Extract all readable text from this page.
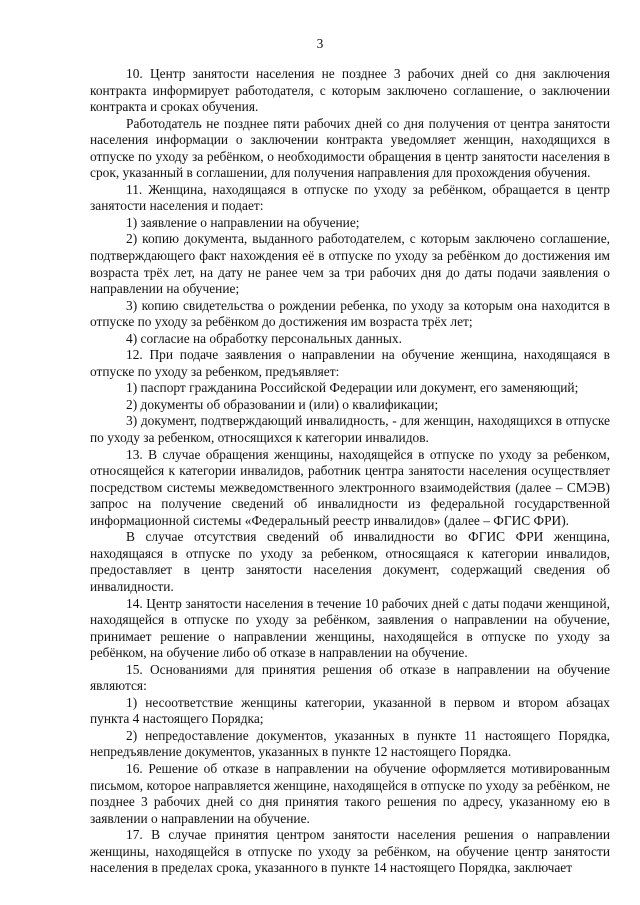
3

10. Центр занятости населения не позднее 3 рабочих дней со дня заключения контракта информирует работодателя, с которым заключено соглашение, о заключении контракта и сроках обучения.

Работодатель не позднее пяти рабочих дней со дня получения от центра занятости населения информации о заключении контракта уведомляет женщин, находящихся в отпуске по уходу за ребёнком, о необходимости обращения в центр занятости населения в срок, указанный в соглашении, для получения направления для прохождения обучения.

11. Женщина, находящаяся в отпуске по уходу за ребёнком, обращается в центр занятости населения и подает:

1) заявление о направлении на обучение;

2) копию документа, выданного работодателем, с которым заключено соглашение, подтверждающего факт нахождения её в отпуске по уходу за ребёнком до достижения им возраста трёх лет, на дату не ранее чем за три рабочих дня до даты подачи заявления о направлении на обучение;

3) копию свидетельства о рождении ребенка, по уходу за которым она находится в отпуске по уходу за ребёнком до достижения им возраста трёх лет;

4) согласие на обработку персональных данных.

12. При подаче заявления о направлении на обучение женщина, находящаяся в отпуске по уходу за ребенком, предъявляет:

1) паспорт гражданина Российской Федерации или документ, его заменяющий;

2) документы об образовании и (или) о квалификации;

3) документ, подтверждающий инвалидность, - для женщин, находящихся в отпуске по уходу за ребенком, относящихся к категории инвалидов.

13. В случае обращения женщины, находящейся в отпуске по уходу за ребенком, относящейся к категории инвалидов, работник центра занятости населения осуществляет посредством системы межведомственного электронного взаимодействия (далее – СМЭВ) запрос на получение сведений об инвалидности из федеральной государственной информационной системы «Федеральный реестр инвалидов» (далее – ФГИС ФРИ).

В случае отсутствия сведений об инвалидности во ФГИС ФРИ женщина, находящаяся в отпуске по уходу за ребенком, относящаяся к категории инвалидов, предоставляет в центр занятости населения документ, содержащий сведения об инвалидности.

14. Центр занятости населения в течение 10 рабочих дней с даты подачи женщиной, находящейся в отпуске по уходу за ребёнком, заявления о направлении на обучение, принимает решение о направлении женщины, находящейся в отпуске по уходу за ребёнком, на обучение либо об отказе в направлении на обучение.

15. Основаниями для принятия решения об отказе в направлении на обучение являются:

1) несоответствие женщины категории, указанной в первом и втором абзацах пункта 4 настоящего Порядка;

2) непредоставление документов, указанных в пункте 11 настоящего Порядка, непредъявление документов, указанных в пункте 12 настоящего Порядка.

16. Решение об отказе в направлении на обучение оформляется мотивированным письмом, которое направляется женщине, находящейся в отпуске по уходу за ребёнком, не позднее 3 рабочих дней со дня принятия такого решения по адресу, указанному ею в заявлении о направлении на обучение.

17. В случае принятия центром занятости населения решения о направлении женщины, находящейся в отпуске по уходу за ребёнком, на обучение центр занятости населения в пределах срока, указанного в пункте 14 настоящего Порядка, заключает
